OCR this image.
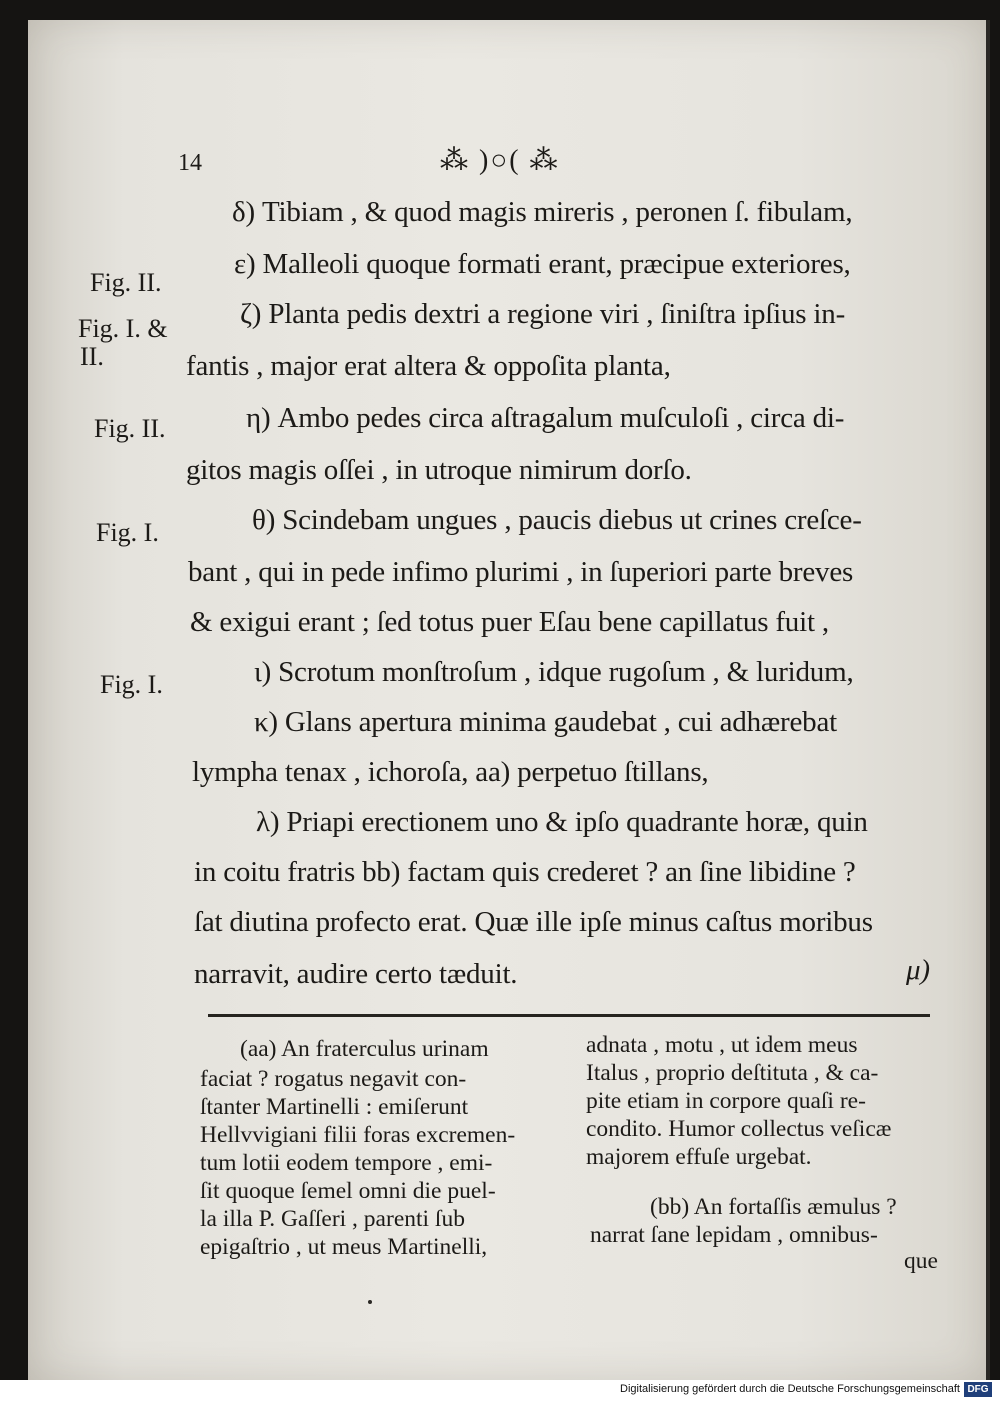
14	⁂ )○( ⁂
δ) Tibiam , & quod magis mireris , peronen ſ. fibulam,
ε) Malleoli quoque formati erant, præcipue exteriores,
ζ) Planta pedis dextri a regione viri , ſiniſtra ipſius in-
fantis , major erat altera & oppoſita planta,
η) Ambo pedes circa aſtragalum muſculoſi , circa di-
gitos magis oſſei , in utroque nimirum dorſo.
θ) Scindebam ungues , paucis diebus ut crines creſce-
bant , qui in pede infimo plurimi , in ſuperiori parte breves
& exigui erant ; ſed totus puer Eſau bene capillatus fuit ,
ι) Scrotum monſtroſum , idque rugoſum , & luridum,
κ) Glans apertura minima gaudebat , cui adhærebat
lympha tenax , ichoroſa, aa) perpetuo ſtillans,
λ) Priapi erectionem uno & ipſo quadrante horæ, quin
in coitu fratris bb) factam quis crederet ? an ſine libidine ?
ſat diutina profecto erat. Quæ ille ipſe minus caſtus moribus
narravit, audire certo tæduit.	μ)
Fig. II.
Fig. I. &
II.
Fig. II.
Fig. I.
Fig. I.
(aa) An fraterculus urinam
faciat ? rogatus negavit con-
ſtanter Martinelli : emiſerunt
Hellvvigiani filii foras excremen-
tum lotii eodem tempore , emi-
ſit quoque ſemel omni die puel-
la illa P. Gaſſeri , parenti ſub
epigaſtrio , ut meus Martinelli,
adnata , motu , ut idem meus
Italus , proprio deſtituta , & ca-
pite etiam in corpore quaſi re-
condito. Humor collectus veſicæ
majorem effuſe urgebat.
(bb) An fortaſſis æmulus ?
narrat ſane lepidam , omnibus-
que
Digitalisierung gefördert durch die Deutsche Forschungsgemeinschaft DFG
